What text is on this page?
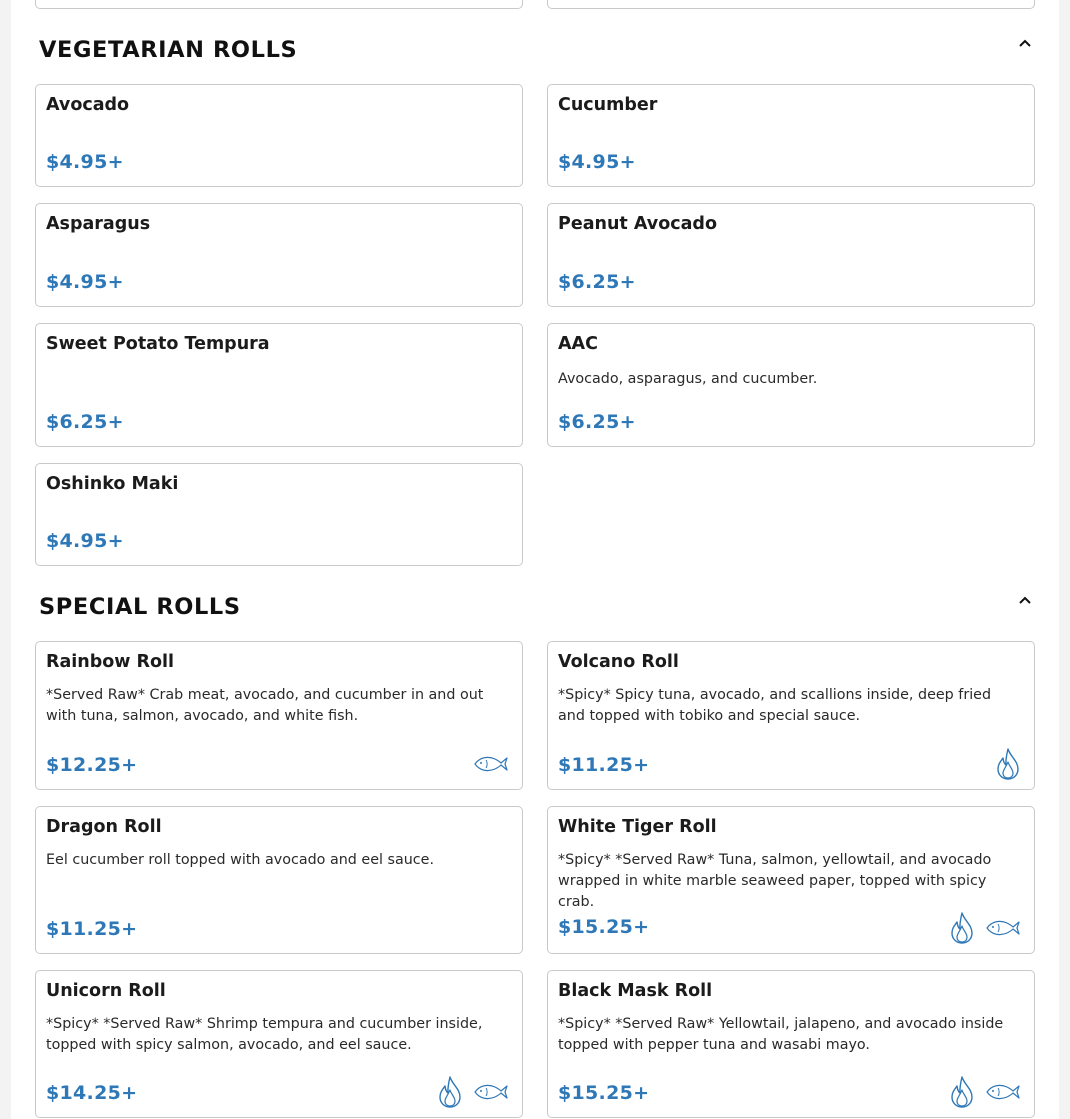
VEGETARIAN ROLLS
Avocado
$4.95+
Cucumber
$4.95+
Asparagus
$4.95+
Peanut Avocado
$6.25+
Sweet Potato Tempura
$6.25+
AAC
Avocado, asparagus, and cucumber.
$6.25+
Oshinko Maki
$4.95+
SPECIAL ROLLS
Rainbow Roll
*Served Raw* Crab meat, avocado, and cucumber in and out with tuna, salmon, avocado, and white fish.
$12.25+
Volcano Roll
*Spicy* Spicy tuna, avocado, and scallions inside, deep fried and topped with tobiko and special sauce.
$11.25+
Dragon Roll
Eel cucumber roll topped with avocado and eel sauce.
$11.25+
White Tiger Roll
*Spicy* *Served Raw* Tuna, salmon, yellowtail, and avocado wrapped in white marble seaweed paper, topped with spicy crab.
$15.25+
Unicorn Roll
*Spicy* *Served Raw* Shrimp tempura and cucumber inside, topped with spicy salmon, avocado, and eel sauce.
$14.25+
Black Mask Roll
*Spicy* *Served Raw* Yellowtail, jalapeno, and avocado inside topped with pepper tuna and wasabi mayo.
$15.25+
